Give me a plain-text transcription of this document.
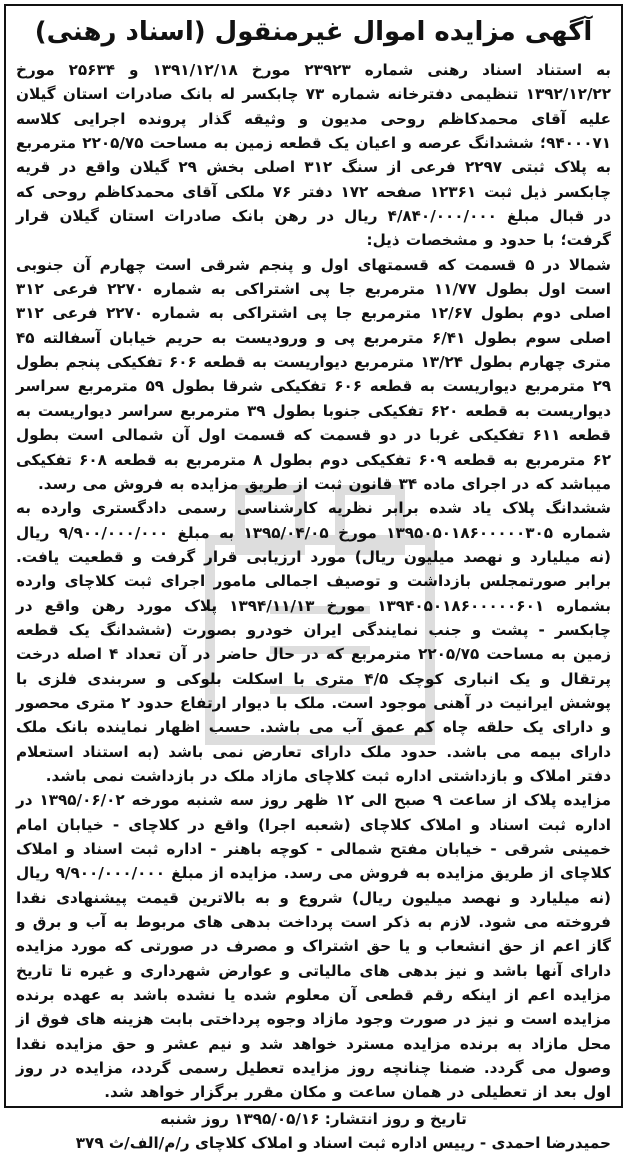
آگهی مزایده اموال غیرمنقول (اسناد رهنی)

به استناد اسناد رهنی شماره ۲۳۹۲۳ مورخ ۱۳۹۱/۱۲/۱۸ و ۲۵۶۳۴ مورخ ۱۳۹۲/۱۲/۲۲ تنظیمی دفترخانه شماره ۷۳ چابکسر له بانک صادرات استان گیلان علیه آقای محمدکاظم روحی مدیون و وثیقه گذار پرونده اجرایی کلاسه ۹۴۰۰۰۷۱؛ ششدانگ عرصه و اعیان یک قطعه زمین به مساحت ۲۲۰۵/۷۵ مترمربع به پلاک ثبتی ۲۲۹۷ فرعی از سنگ ۳۱۲ اصلی بخش ۲۹ گیلان واقع در قریه چابکسر ذیل ثبت ۱۲۳۶۱ صفحه ۱۷۲ دفتر ۷۶ ملکی آقای محمدکاظم روحی که در قبال مبلغ ۴/۸۴۰/۰۰۰/۰۰۰ ریال در رهن بانک صادرات استان گیلان قرار گرفت؛ با حدود و مشخصات ذیل:

شمالا در ۵ قسمت که قسمتهای اول و پنجم شرقی است چهارم آن جنوبی است اول بطول ۱۱/۷۷ مترمربع جا پی اشتراکی به شماره ۲۲۷۰ فرعی ۳۱۲ اصلی دوم بطول ۱۲/۶۷ مترمربع جا پی اشتراکی به شماره ۲۲۷۰ فرعی ۳۱۲ اصلی سوم بطول ۶/۴۱ مترمربع پی و ورودیست به حریم خیابان آسفالته ۴۵ متری چهارم بطول ۱۳/۲۴ مترمربع دیواریست به قطعه ۶۰۶ تفکیکی پنجم بطول ۲۹ مترمربع دیواریست به قطعه ۶۰۶ تفکیکی شرقا بطول ۵۹ مترمربع سراسر دیواریست به قطعه ۶۲۰ تفکیکی جنوبا بطول ۳۹ مترمربع سراسر دیواریست به قطعه ۶۱۱ تفکیکی غربا در دو قسمت که قسمت اول آن شمالی است بطول ۶۲ مترمربع به قطعه ۶۰۹ تفکیکی دوم بطول ۸ مترمربع به قطعه ۶۰۸ تفکیکی میباشد که در اجرای ماده ۳۴ قانون ثبت از طریق مزایده به فروش می رسد.

ششدانگ پلاک یاد شده برابر نظریه کارشناسی رسمی دادگستری وارده به شماره ۱۳۹۵۰۵۰۱۸۶۰۰۰۰۰۳۰۵ مورخ ۱۳۹۵/۰۴/۰۵ به مبلغ ۹/۹۰۰/۰۰۰/۰۰۰ ریال (نه میلیارد و نهصد میلیون ریال) مورد ارزیابی قرار گرفت و قطعیت یافت. برابر صورتمجلس بازداشت و توصیف اجمالی مامور اجرای ثبت کلاچای وارده بشماره ۱۳۹۴۰۵۰۱۸۶۰۰۰۰۰۶۰۱ مورخ ۱۳۹۴/۱۱/۱۳ پلاک مورد رهن واقع در چابکسر - پشت و جنب نمایندگی ایران خودرو بصورت (ششدانگ یک قطعه زمین به مساحت ۲۲۰۵/۷۵ مترمربع که در حال حاضر در آن تعداد ۴ اصله درخت پرتقال و یک انباری کوچک ۴/۵ متری با اسکلت بلوکی و سربندی فلزی با پوشش ایرانیت در آهنی موجود است. ملک با دیوار ارتفاع حدود ۲ متری محصور و دارای یک حلقه چاه کم عمق آب می باشد. حسب اظهار نماینده بانک ملک دارای بیمه می باشد. حدود ملک دارای تعارض نمی باشد (به استناد استعلام دفتر املاک و بازداشتی اداره ثبت کلاچای مازاد ملک در بازداشت نمی باشد.

مزایده پلاک از ساعت ۹ صبح الی ۱۲ ظهر روز سه شنبه مورخه ۱۳۹۵/۰۶/۰۲ در اداره ثبت اسناد و املاک کلاچای (شعبه اجرا) واقع در کلاچای - خیابان امام خمینی شرقی - خیابان مفتح شمالی - کوچه باهنر - اداره ثبت اسناد و املاک کلاچای از طریق مزایده به فروش می رسد. مزایده از مبلغ ۹/۹۰۰/۰۰۰/۰۰۰ ریال (نه میلیارد و نهصد میلیون ریال) شروع و به بالاترین قیمت پیشنهادی نقدا فروخته می شود. لازم به ذکر است پرداخت بدهی های مربوط به آب و برق و گاز اعم از حق انشعاب و یا حق اشتراک و مصرف در صورتی که مورد مزایده دارای آنها باشد و نیز بدهی های مالیاتی و عوارض شهرداری و غیره تا تاریخ مزایده اعم از اینکه رقم قطعی آن معلوم شده یا نشده باشد به عهده برنده مزایده است و نیز در صورت وجود مازاد وجوه پرداختی بابت هزینه های فوق از محل مازاد به برنده مزایده مسترد خواهد شد و نیم عشر و حق مزایده نقدا وصول می گردد. ضمنا چنانچه روز مزایده تعطیل رسمی گردد، مزایده در روز اول بعد از تعطیلی در همان ساعت و مکان مقرر برگزار خواهد شد.

تاریخ و روز انتشار: ۱۳۹۵/۰۵/۱۶ روز شنبه
حمیدرضا احمدی - رییس اداره ثبت اسناد و املاک کلاچای ر/م/الف/ث ۳۷۹
